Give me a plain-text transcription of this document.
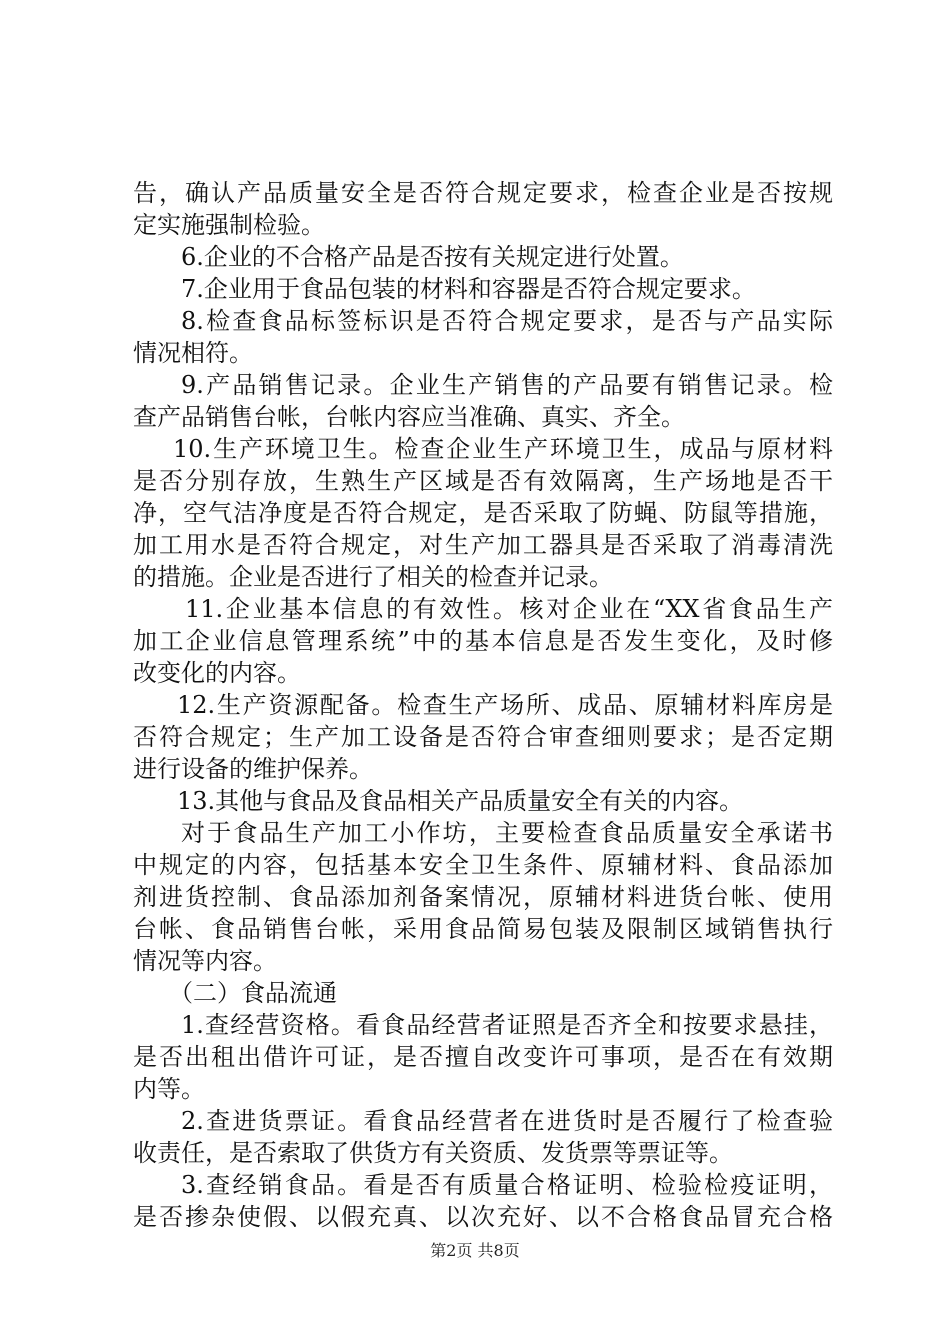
告，确认产品质量安全是否符合规定要求，检查企业是否按规
定实施强制检验。
6.企业的不合格产品是否按有关规定进行处置。
7.企业用于食品包装的材料和容器是否符合规定要求。
8.检查食品标签标识是否符合规定要求，是否与产品实际
情况相符。
9.产品销售记录。企业生产销售的产品要有销售记录。检
查产品销售台帐，台帐内容应当准确、真实、齐全。
10.生产环境卫生。检查企业生产环境卫生，成品与原材料
是否分别存放，生熟生产区域是否有效隔离，生产场地是否干
净，空气洁净度是否符合规定，是否采取了防蝇、防鼠等措施，
加工用水是否符合规定，对生产加工器具是否采取了消毒清洗
的措施。企业是否进行了相关的检查并记录。
11.企业基本信息的有效性。核对企业在“XX省食品生产
加工企业信息管理系统”中的基本信息是否发生变化，及时修
改变化的内容。
12.生产资源配备。检查生产场所、成品、原辅材料库房是
否符合规定；生产加工设备是否符合审查细则要求；是否定期
进行设备的维护保养。
13.其他与食品及食品相关产品质量安全有关的内容。
对于食品生产加工小作坊，主要检查食品质量安全承诺书
中规定的内容，包括基本安全卫生条件、原辅材料、食品添加
剂进货控制、食品添加剂备案情况，原辅材料进货台帐、使用
台帐、食品销售台帐，采用食品简易包装及限制区域销售执行
情况等内容。
（二）食品流通
1.查经营资格。看食品经营者证照是否齐全和按要求悬挂，
是否出租出借许可证，是否擅自改变许可事项，是否在有效期
内等。
2.查进货票证。看食品经营者在进货时是否履行了检查验
收责任，是否索取了供货方有关资质、发货票等票证等。
3.查经销食品。看是否有质量合格证明、检验检疫证明，
是否掺杂使假、以假充真、以次充好、以不合格食品冒充合格
第2页 共8页
